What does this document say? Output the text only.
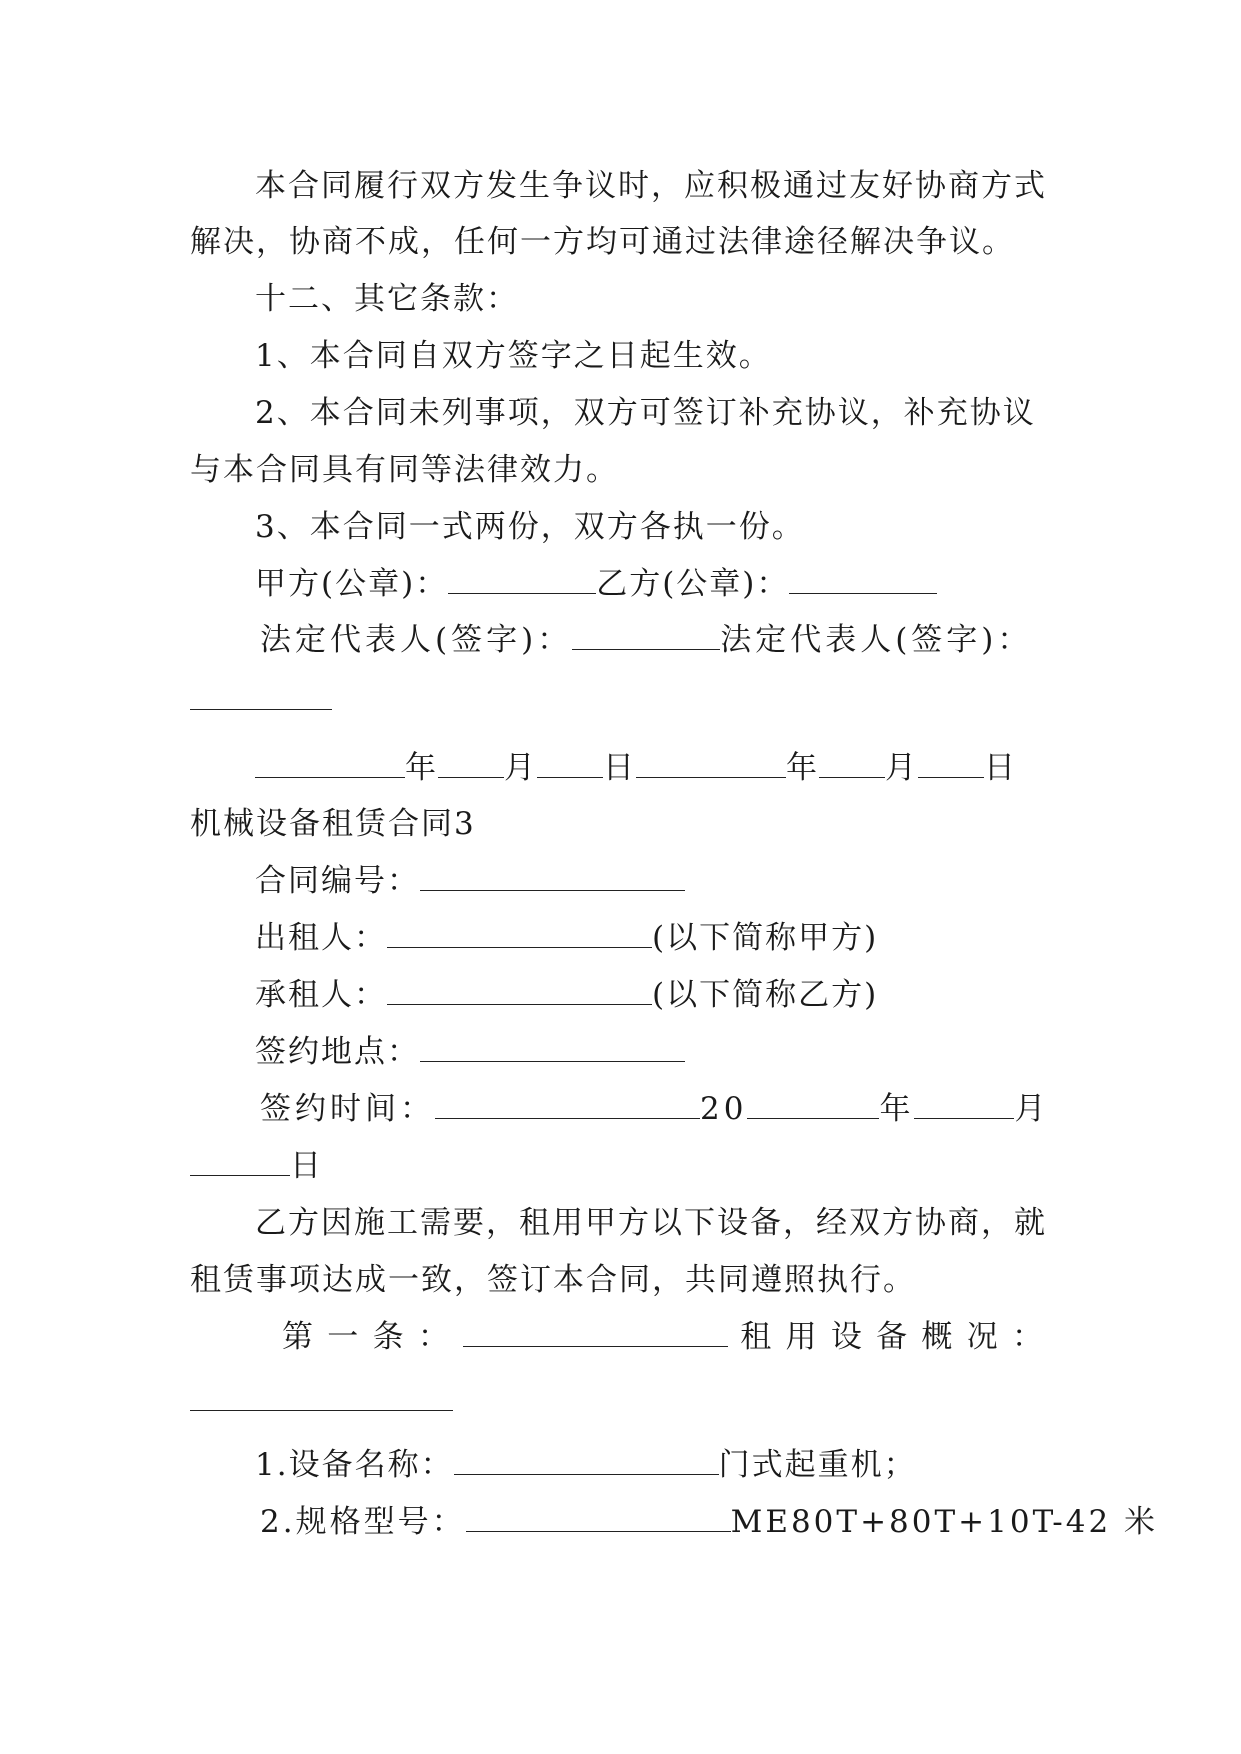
本合同履行双方发生争议时，应积极通过友好协商方式
解决，协商不成，任何一方均可通过法律途径解决争议。
十二、其它条款：
1、本合同自双方签字之日起生效。
2、本合同未列事项，双方可签订补充协议，补充协议
与本合同具有同等法律效力。
3、本合同一式两份，双方各执一份。
甲方(公章)：	乙方(公章)：
法定代表人(签字)：	法定代表人(签字)：
年 月 日	年 月 日
机械设备租赁合同3
合同编号：
出租人：	(以下简称甲方)
承租人：	(以下简称乙方)
签约地点：
签约时间：	20	年	月
日
乙方因施工需要，租用甲方以下设备，经双方协商，就
租赁事项达成一致，签订本合同，共同遵照执行。
第 一 条 ：	租 用 设 备 概 况 ：
1.设备名称：	门式起重机；
2.规格型号：	ME80T+80T+10T-42 米
